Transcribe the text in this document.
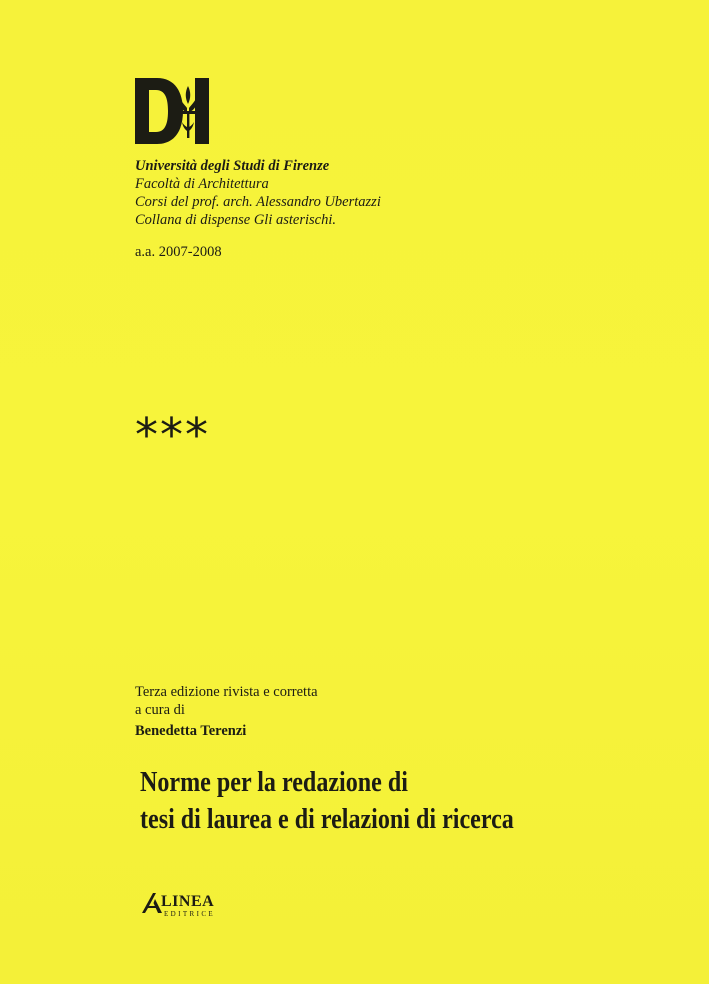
Università degli Studi di Firenze
Facoltà di Architettura
Corsi del prof. arch. Alessandro Ubertazzi
Collana di dispense Gli asterischi.
a.a. 2007-2008
***
Terza edizione rivista e corretta
a cura di
Benedetta Terenzi
Norme per la redazione di
tesi di laurea e di relazioni di ricerca
LINEA
EDITRICE
